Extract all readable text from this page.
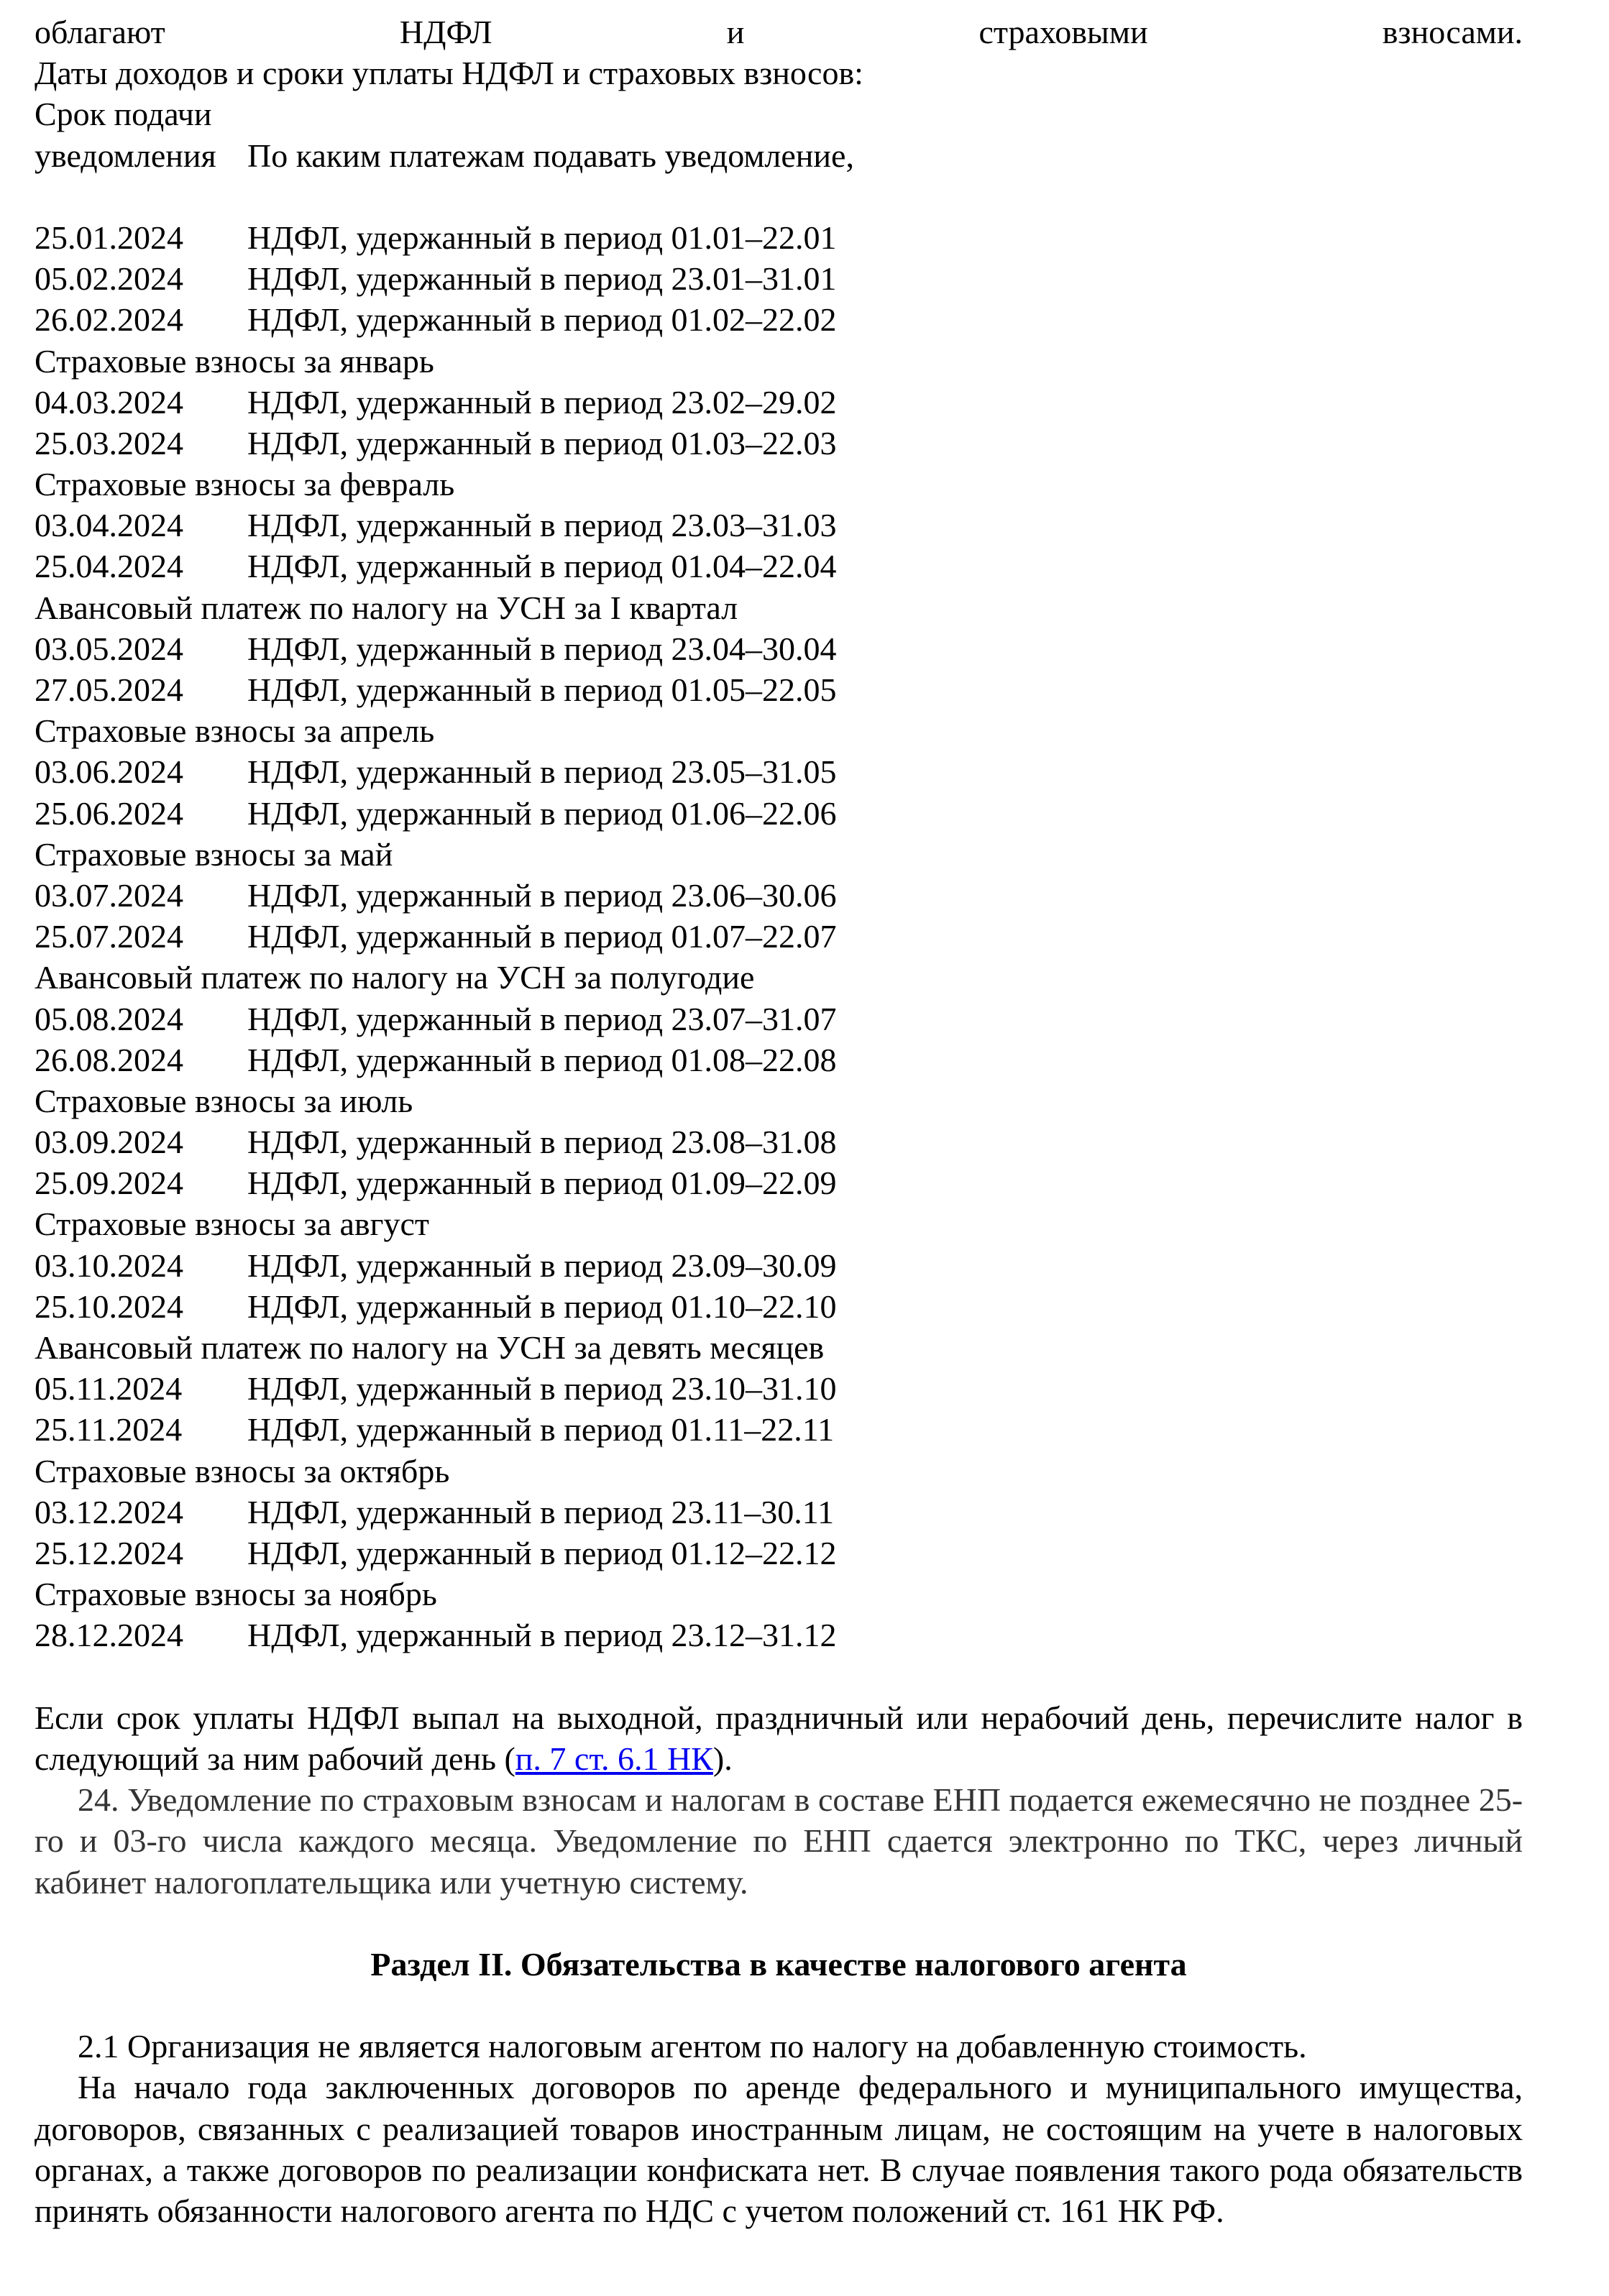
облагают	НДФЛ	и	страховыми	взносами.
Даты доходов и сроки уплаты НДФЛ и страховых взносов:
Срок подачи
уведомления По каким платежам подавать уведомление,
25.01.2024	НДФЛ, удержанный в период 01.01–22.01
05.02.2024	НДФЛ, удержанный в период 23.01–31.01
26.02.2024	НДФЛ, удержанный в период 01.02–22.02
Страховые взносы за январь
04.03.2024	НДФЛ, удержанный в период 23.02–29.02
25.03.2024	НДФЛ, удержанный в период 01.03–22.03
Страховые взносы за февраль
03.04.2024	НДФЛ, удержанный в период 23.03–31.03
25.04.2024	НДФЛ, удержанный в период 01.04–22.04
Авансовый платеж по налогу на УСН за I квартал
03.05.2024	НДФЛ, удержанный в период 23.04–30.04
27.05.2024	НДФЛ, удержанный в период 01.05–22.05
Страховые взносы за апрель
03.06.2024	НДФЛ, удержанный в период 23.05–31.05
25.06.2024	НДФЛ, удержанный в период 01.06–22.06
Страховые взносы за май
03.07.2024	НДФЛ, удержанный в период 23.06–30.06
25.07.2024	НДФЛ, удержанный в период 01.07–22.07
Авансовый платеж по налогу на УСН за полугодие
05.08.2024	НДФЛ, удержанный в период 23.07–31.07
26.08.2024	НДФЛ, удержанный в период 01.08–22.08
Страховые взносы за июль
03.09.2024	НДФЛ, удержанный в период 23.08–31.08
25.09.2024	НДФЛ, удержанный в период 01.09–22.09
Страховые взносы за август
03.10.2024	НДФЛ, удержанный в период 23.09–30.09
25.10.2024	НДФЛ, удержанный в период 01.10–22.10
Авансовый платеж по налогу на УСН за девять месяцев
05.11.2024	НДФЛ, удержанный в период 23.10–31.10
25.11.2024	НДФЛ, удержанный в период 01.11–22.11
Страховые взносы за октябрь
03.12.2024	НДФЛ, удержанный в период 23.11–30.11
25.12.2024	НДФЛ, удержанный в период 01.12–22.12
Страховые взносы за ноябрь
28.12.2024	НДФЛ, удержанный в период 23.12–31.12
Если срок уплаты НДФЛ выпал на выходной, праздничный или нерабочий день, перечислите налог в следующий за ним рабочий день (п. 7 ст. 6.1 НК).
24. Уведомление по страховым взносам и налогам в составе ЕНП подается ежемесячно не позднее 25-го и 03-го числа каждого месяца. Уведомление по ЕНП сдается электронно по ТКС, через личный кабинет налогоплательщика или учетную систему.
Раздел II. Обязательства в качестве налогового агента
2.1 Организация не является налоговым агентом по налогу на добавленную стоимость.
На начало года заключенных договоров по аренде федерального и муниципального имущества, договоров, связанных с реализацией товаров иностранным лицам, не состоящим на учете в налоговых органах, а также договоров по реализации конфиската нет. В случае появления такого рода обязательств принять обязанности налогового агента по НДС с учетом положений ст. 161 НК РФ.
